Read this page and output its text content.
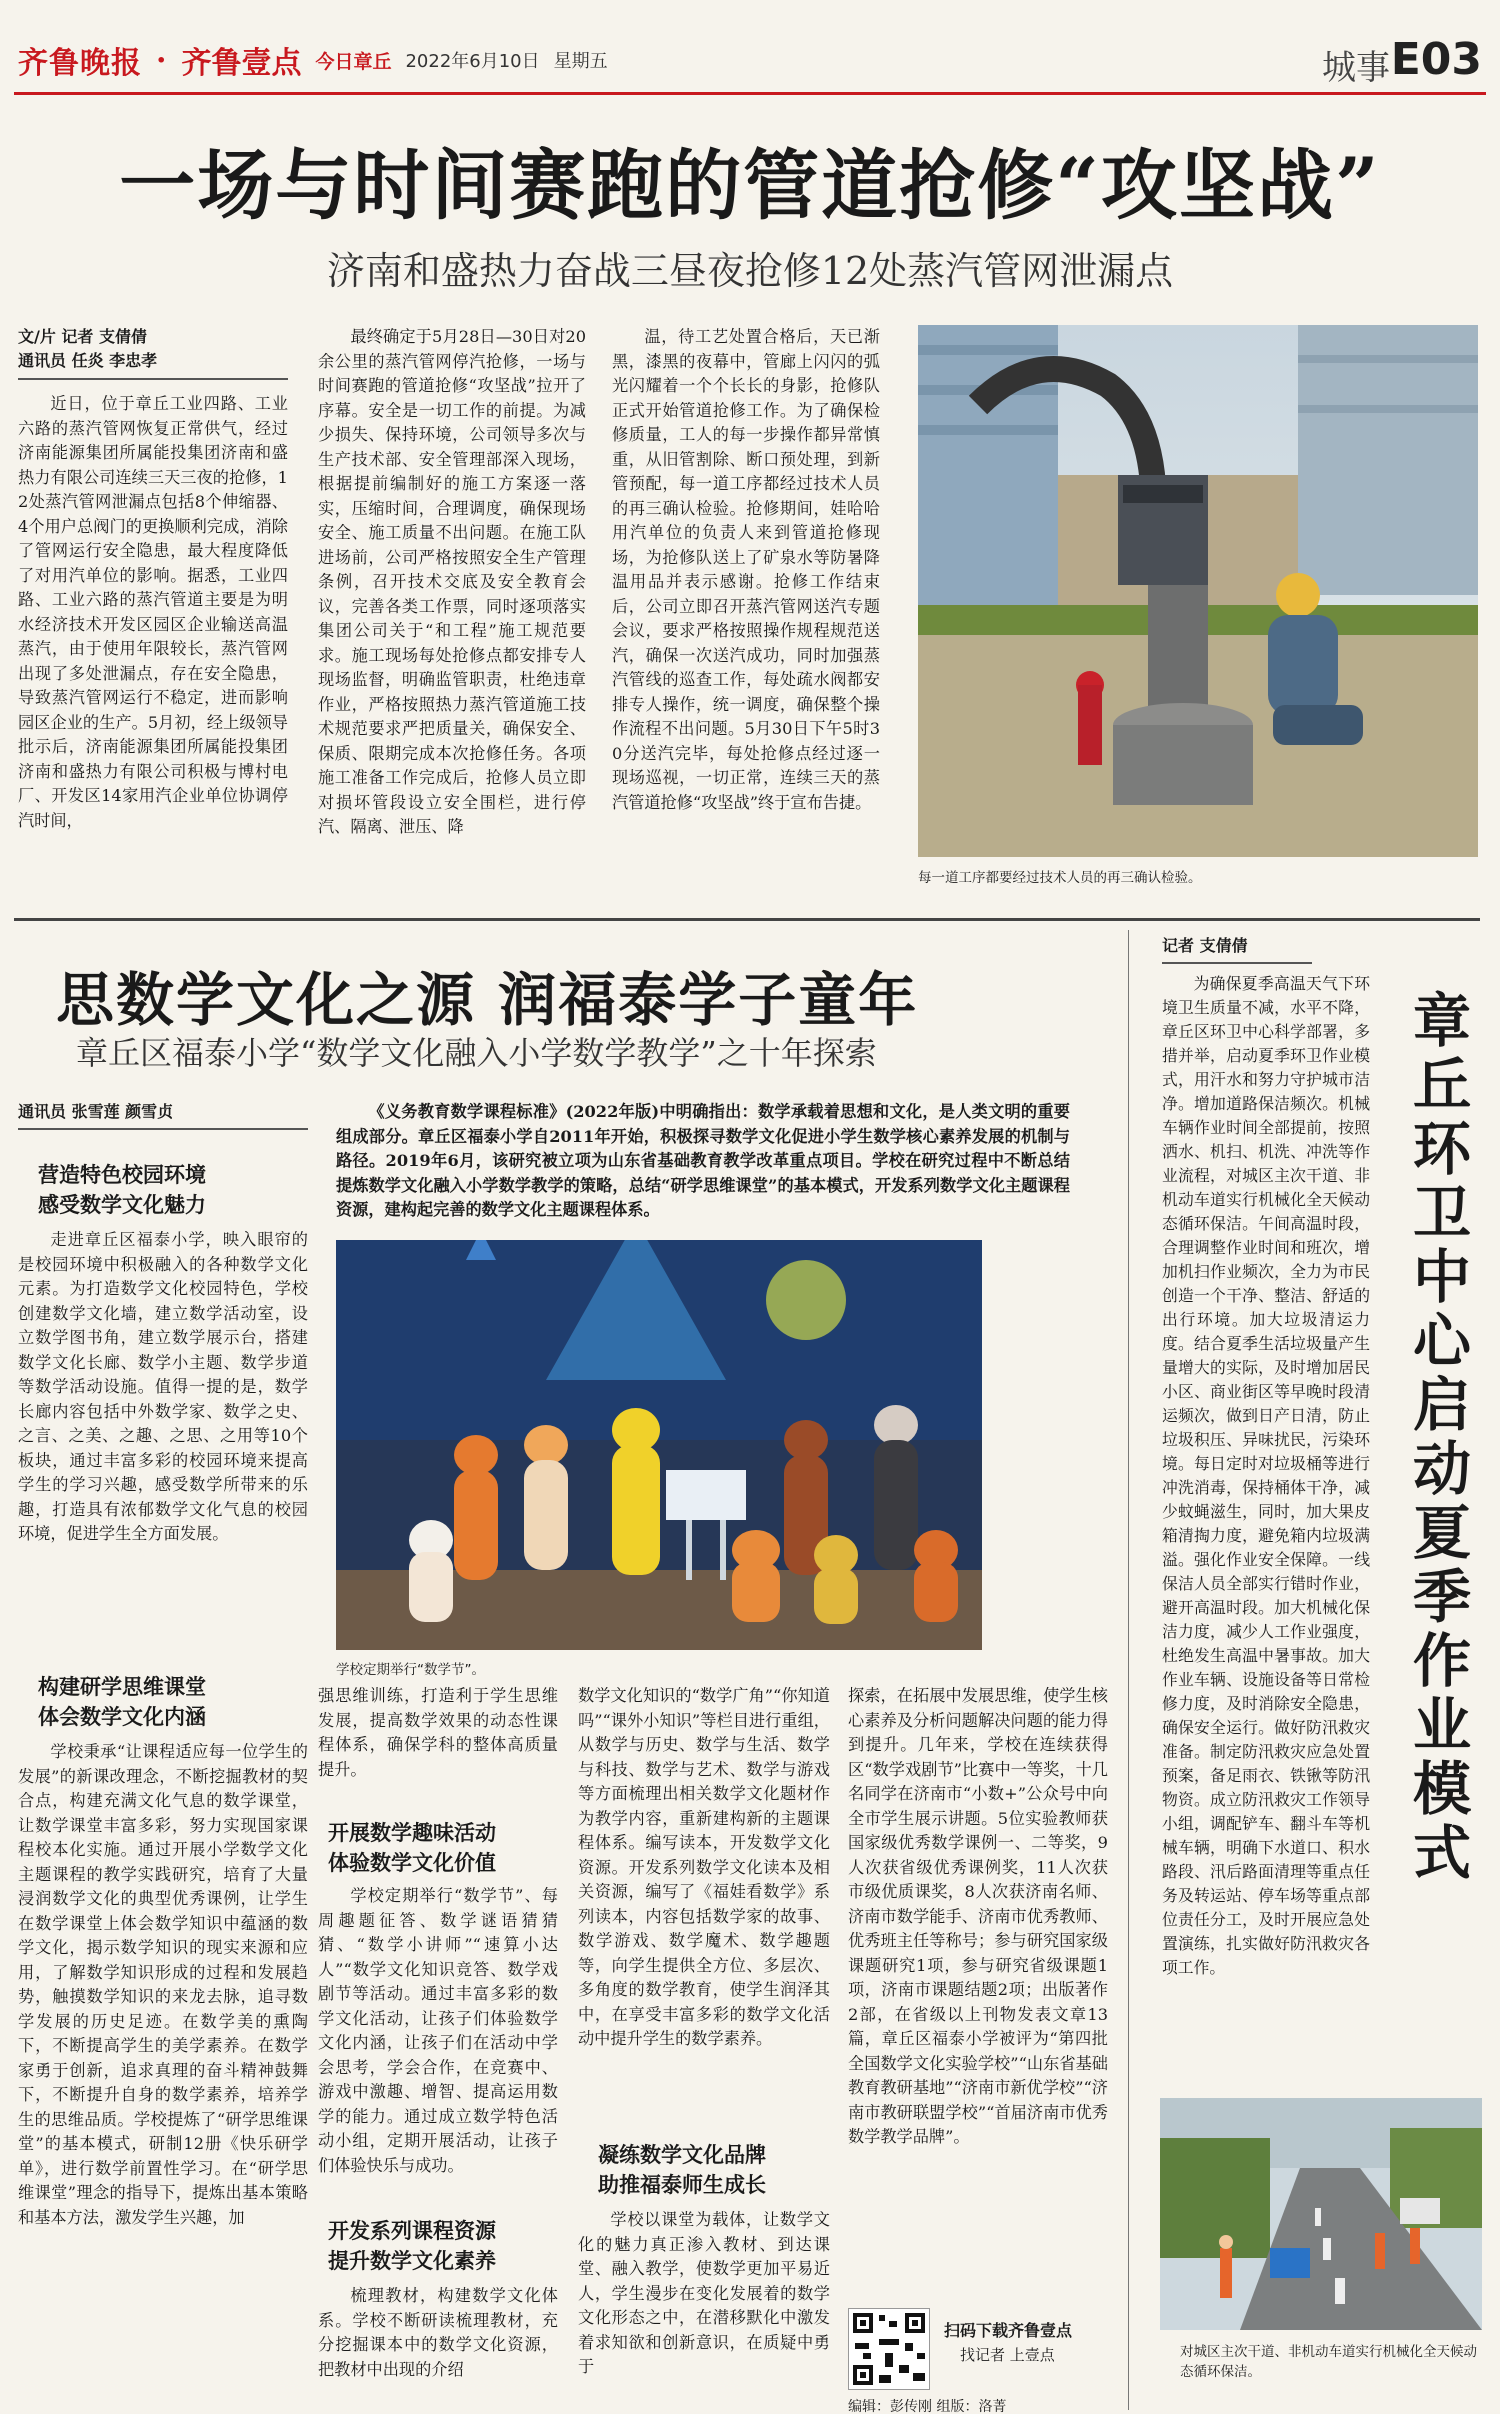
齐鲁晚报 · 齐鲁壹点 今日章丘 2022年6月10日 星期五	城事 E03
一场与时间赛跑的管道抢修“攻坚战”
济南和盛热力奋战三昼夜抢修12处蒸汽管网泄漏点
文/片 记者 支倩倩
通讯员 任炎 李忠孝

近日，位于章丘工业四路、工业六路的蒸汽管网恢复正常供气，经过济南能源集团所属能投集团济南和盛热力有限公司连续三天三夜的抢修，12处蒸汽管网泄漏点包括8个伸缩器、4个用户总阀门的更换顺利完成，消除了管网运行安全隐患，最大程度降低了对用汽单位的影响。据悉，工业四路、工业六路的蒸汽管道主要是为明水经济技术开发区园区企业输送高温蒸汽，由于使用年限较长，蒸汽管网出现了多处泄漏点，存在安全隐患，导致蒸汽管网运行不稳定，进而影响园区企业的生产。5月初，经上级领导批示后，济南能源集团所属能投集团济南和盛热力有限公司积极与博村电厂、开发区14家用汽企业单位协调停汽时间，

最终确定于5月28日—30日对20余公里的蒸汽管网停汽抢修，一场与时间赛跑的管道抢修“攻坚战”拉开了序幕。安全是一切工作的前提。为减少损失、保持环境，公司领导多次与生产技术部、安全管理部深入现场，根据提前编制好的施工方案逐一落实，压缩时间，合理调度，确保现场安全、施工质量不出问题。在施工队进场前，公司严格按照安全生产管理条例，召开技术交底及安全教育会议，完善各类工作票，同时逐项落实集团公司关于“和工程”施工规范要求。施工现场每处抢修点都安排专人现场监督，明确监管职责，杜绝违章作业，严格按照热力蒸汽管道施工技术规范要求严把质量关，确保安全、保质、限期完成本次抢修任务。各项施工准备工作完成后，抢修人员立即对损坏管段设立安全围栏，进行停汽、隔离、泄压、降

温，待工艺处置合格后，天已渐黑，漆黑的夜幕中，管廊上闪闪的弧光闪耀着一个个长长的身影，抢修队正式开始管道抢修工作。为了确保检修质量，工人的每一步操作都异常慎重，从旧管割除、断口预处理，到新管预配，每一道工序都经过技术人员的再三确认检验。抢修期间，娃哈哈用汽单位的负责人来到管道抢修现场，为抢修队送上了矿泉水等防暑降温用品并表示感谢。抢修工作结束后，公司立即召开蒸汽管网送汽专题会议，要求严格按照操作规程规范送汽，确保一次送汽成功，同时加强蒸汽管线的巡查工作，每处疏水阀都安排专人操作，统一调度，确保整个操作流程不出问题。5月30日下午5时30分送汽完毕，每处抢修点经过逐一现场巡视，一切正常，连续三天的蒸汽管道抢修“攻坚战”终于宣布告捷。

每一道工序都要经过技术人员的再三确认检验。
思数学文化之源 润福泰学子童年
章丘区福泰小学“数学文化融入小学数学教学”之十年探索
通讯员 张雪莲 颜雪贞	《义务教育数学课程标准》(2022年版)中明确指出：数学承载着思想和文化，是人类文明的重要组成部分。章丘区福泰小学自2011年开始，积极探寻数学文化促进小学生数学核心素养发展的机制与路径。2019年6月，该研究被立项为山东省基础教育教学改革重点项目。学校在研究过程中不断总结提炼数学文化融入小学数学教学的策略，总结“研学思维课堂”的基本模式，开发系列数学文化主题课程资源，建构起完善的数学文化主题课程体系。

营造特色校园环境
感受数学文化魅力

走进章丘区福泰小学，映入眼帘的是校园环境中积极融入的各种数学文化元素。为打造数学文化校园特色，学校创建数学文化墙，建立数学活动室，设立数学图书角，建立数学展示台，搭建数学文化长廊、数学小主题、数学步道等数学活动设施。值得一提的是，数学长廊内容包括中外数学家、数学之史、之言、之美、之趣、之思、之用等10个板块，通过丰富多彩的校园环境来提高学生的学习兴趣，感受数学所带来的乐趣，打造具有浓郁数学文化气息的校园环境，促进学生全方面发展。

构建研学思维课堂
体会数学文化内涵

学校秉承“让课程适应每一位学生的发展”的新课改理念，不断挖掘教材的契合点，构建充满文化气息的数学课堂，让数学课堂丰富多彩，努力实现国家课程校本化实施。通过开展小学数学文化主题课程的教学实践研究，培育了大量浸润数学文化的典型优秀课例，让学生在数学课堂上体会数学知识中蕴涵的数学文化，揭示数学知识的现实来源和应用，了解数学知识形成的过程和发展趋势，触摸数学知识的来龙去脉，追寻数学发展的历史足迹。在数学美的熏陶下，不断提高学生的美学素养。在数学家勇于创新，追求真理的奋斗精神鼓舞下，不断提升自身的数学素养，培养学生的思维品质。学校提炼了“研学思维课堂”的基本模式，研制12册《快乐研学单》，进行数学前置性学习。在“研学思维课堂”理念的指导下，提炼出基本策略和基本方法，激发学生兴趣，加

学校定期举行“数学节”。

强思维训练，打造利于学生思维发展，提高数学效果的动态性课程体系，确保学科的整体高质量提升。

开展数学趣味活动
体验数学文化价值

学校定期举行“数学节”、每周趣题征答、数学谜语猜猜猜、“数学小讲师”“速算小达人”“数学文化知识竞答、数学戏剧节等活动。通过丰富多彩的数学文化活动，让孩子们体验数学文化内涵，让孩子们在活动中学会思考，学会合作，在竞赛中、游戏中激趣、增智、提高运用数学的能力。通过成立数学特色活动小组，定期开展活动，让孩子们体验快乐与成功。

开发系列课程资源
提升数学文化素养

梳理教材，构建数学文化体系。学校不断研读梳理教材，充分挖掘课本中的数学文化资源，把教材中出现的介绍

数学文化知识的“数学广角”“你知道吗”“课外小知识”等栏目进行重组，从数学与历史、数学与生活、数学与科技、数学与艺术、数学与游戏等方面梳理出相关数学文化题材作为教学内容，重新建构新的主题课程体系。编写读本，开发数学文化资源。开发系列数学文化读本及相关资源，编写了《福娃看数学》系列读本，内容包括数学家的故事、数学游戏、数学魔术、数学趣题等，向学生提供全方位、多层次、多角度的数学教育，使学生润泽其中，在享受丰富多彩的数学文化活动中提升学生的数学素养。

凝练数学文化品牌
助推福泰师生成长

学校以课堂为载体，让数学文化的魅力真正渗入教材、到达课堂、融入教学，使数学更加平易近人，学生漫步在变化发展着的数学文化形态之中，在潜移默化中激发着求知欲和创新意识，在质疑中勇于

探索，在拓展中发展思维，使学生核心素养及分析问题解决问题的能力得到提升。几年来，学校在连续获得区“数学戏剧节”比赛中一等奖，十几名同学在济南市“小数+”公众号中向全市学生展示讲题。5位实验教师获国家级优秀数学课例一、二等奖，9人次获省级优秀课例奖，11人次获市级优质课奖，8人次获济南名师、济南市数学能手、济南市优秀教师、优秀班主任等称号；参与研究国家级课题研究1项，参与研究省级课题1项，济南市课题结题2项；出版著作2部，在省级以上刊物发表文章13篇，章丘区福泰小学被评为“第四批全国数学文化实验学校”“山东省基础教育教研基地”“济南市新优学校”“济南市教研联盟学校”“首届济南市优秀数学教学品牌”。

扫码下载齐鲁壹点
找记者 上壹点
编辑：彭传刚 组版：洛菁
记者 支倩倩

为确保夏季高温天气下环境卫生质量不减，水平不降，章丘区环卫中心科学部署，多措并举，启动夏季环卫作业模式，用汗水和努力守护城市洁净。增加道路保洁频次。机械车辆作业时间全部提前，按照洒水、机扫、机洗、冲洗等作业流程，对城区主次干道、非机动车道实行机械化全天候动态循环保洁。午间高温时段，合理调整作业时间和班次，增加机扫作业频次，全力为市民创造一个干净、整洁、舒适的出行环境。加大垃圾清运力度。结合夏季生活垃圾量产生量增大的实际，及时增加居民小区、商业街区等早晚时段清运频次，做到日产日清，防止垃圾积压、异味扰民，污染环境。每日定时对垃圾桶等进行冲洗消毒，保持桶体干净，减少蚊蝇滋生，同时，加大果皮箱清掏力度，避免箱内垃圾满溢。强化作业安全保障。一线保洁人员全部实行错时作业，避开高温时段。加大机械化保洁力度，减少人工作业强度，杜绝发生高温中暑事故。加大作业车辆、设施设备等日常检修力度，及时消除安全隐患，确保安全运行。做好防汛救灾准备。制定防汛救灾应急处置预案，备足雨衣、铁锹等防汛物资。成立防汛救灾工作领导小组，调配铲车、翻斗车等机械车辆，明确下水道口、积水路段、汛后路面清理等重点任务及转运站、停车场等重点部位责任分工，及时开展应急处置演练，扎实做好防汛救灾各项工作。

章丘环卫中心启动夏季作业模式
对城区主次干道、非机动车道实行机械化全天候动态循环保洁。
